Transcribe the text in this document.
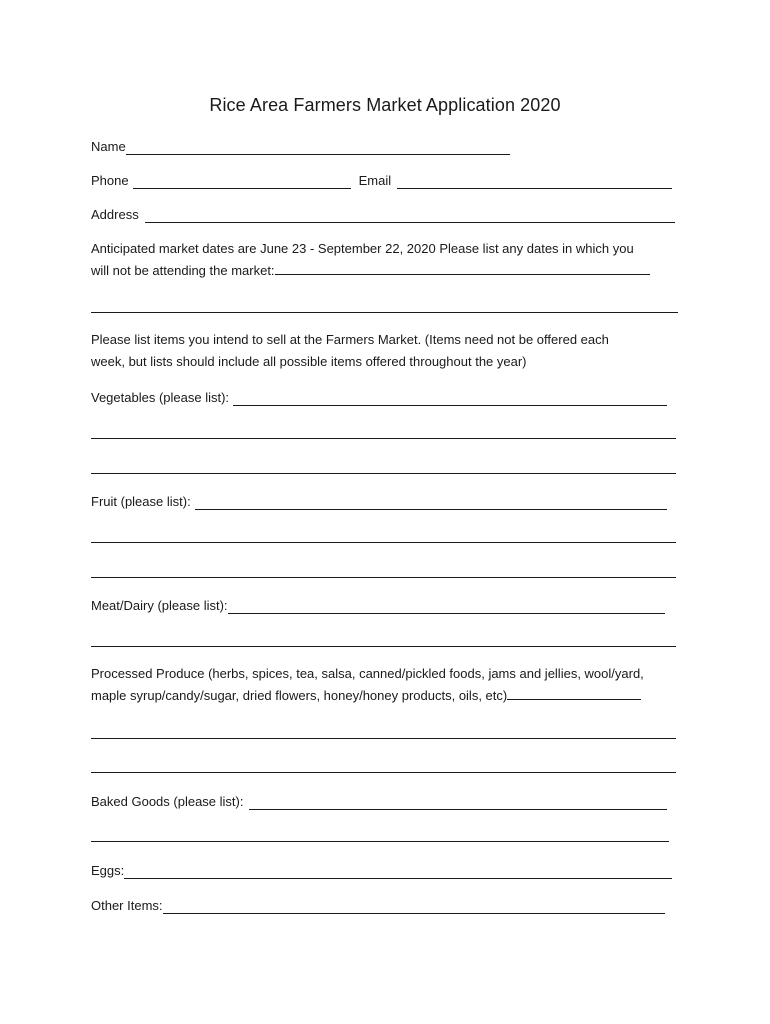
Rice Area Farmers Market Application 2020
Name
Phone	Email
Address
Anticipated market dates are June 23 - September 22, 2020 Please list any dates in which you
will not be attending the market:
Please list items you intend to sell at the Farmers Market. (Items need not be offered each
week, but lists should include all possible items offered throughout the year)
Vegetables (please list):
Fruit (please list):
Meat/Dairy (please list):
Processed Produce (herbs, spices, tea, salsa, canned/pickled foods, jams and jellies, wool/yard,
maple syrup/candy/sugar, dried flowers, honey/honey products, oils, etc)
Baked Goods (please list):
Eggs:
Other Items:
